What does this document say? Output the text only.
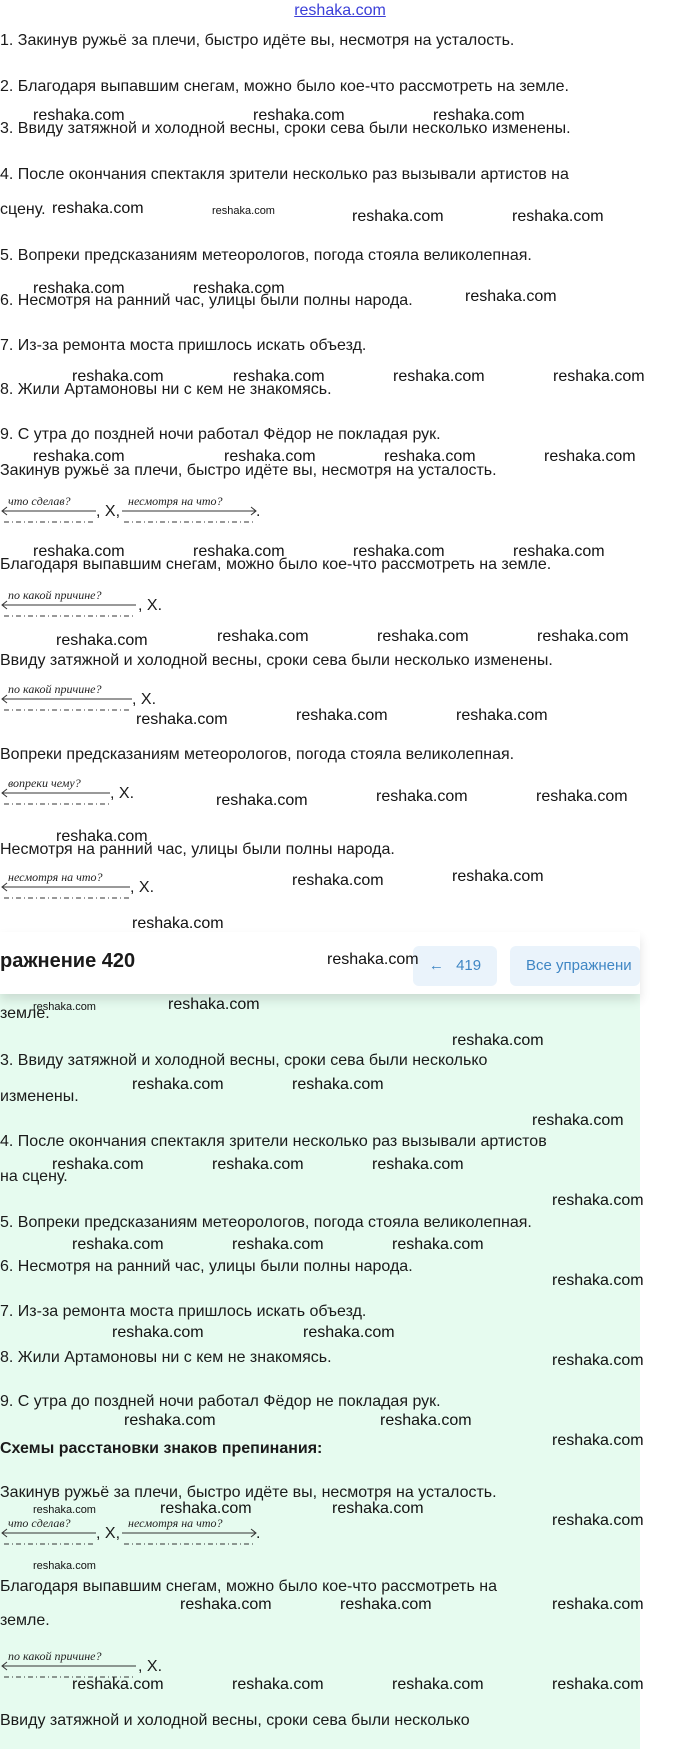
reshaka.com
1. Закинув ружьё за плечи, быстро идёте вы, несмотря на усталость.
2. Благодаря выпавшим снегам, можно было кое-что рассмотреть на земле.
3. Ввиду затяжной и холодной весны, сроки сева были несколько изменены.
4. После окончания спектакля зрители несколько раз вызывали артистов на
сцену.
5. Вопреки предсказаниям метеорологов, погода стояла великолепная.
6. Несмотря на ранний час, улицы были полны народа.
7. Из-за ремонта моста пришлось искать объезд.
8. Жили Артамоновы ни с кем не знакомясь.
9. С утра до поздней ночи работал Фёдор не покладая рук.
Закинув ружьё за плечи, быстро идёте вы, несмотря на усталость.
что сделав?
, Х,
несмотря на что?
.
Благодаря выпавшим снегам, можно было кое-что рассмотреть на земле.
по какой причине?
, Х.
Ввиду затяжной и холодной весны, сроки сева были несколько изменены.
по какой причине?
, Х.
Вопреки предсказаниям метеорологов, погода стояла великолепная.
вопреки чему?
, Х.
Несмотря на ранний час, улицы были полны народа.
несмотря на что?
, Х.
ражнение 420	← 419	Все упражнени
земле.
3. Ввиду затяжной и холодной весны, сроки сева были несколько
изменены.
4. После окончания спектакля зрители несколько раз вызывали артистов
на сцену.
5. Вопреки предсказаниям метеорологов, погода стояла великолепная.
6. Несмотря на ранний час, улицы были полны народа.
7. Из-за ремонта моста пришлось искать объезд.
8. Жили Артамоновы ни с кем не знакомясь.
9. С утра до поздней ночи работал Фёдор не покладая рук.
Схемы расстановки знаков препинания:
Закинув ружьё за плечи, быстро идёте вы, несмотря на усталость.
что сделав?
, Х,
несмотря на что?
.
Благодаря выпавшим снегам, можно было кое-что рассмотреть на
земле.
по какой причине?
, Х.
Ввиду затяжной и холодной весны, сроки сева были несколько
reshaka.com	reshaka.com	reshaka.com
reshaka.com	reshaka.com	reshaka.com	reshaka.com
reshaka.com	reshaka.com	reshaka.com
reshaka.com	reshaka.com	reshaka.com	reshaka.com
reshaka.com	reshaka.com	reshaka.com	reshaka.com
reshaka.com	reshaka.com	reshaka.com	reshaka.com
reshaka.com	reshaka.com	reshaka.com	reshaka.com
reshaka.com	reshaka.com	reshaka.com
reshaka.com	reshaka.com	reshaka.com
reshaka.com
reshaka.com	reshaka.com
reshaka.com
reshaka.com
reshaka.com	reshaka.com
reshaka.com
reshaka.com	reshaka.com
reshaka.com
reshaka.com	reshaka.com	reshaka.com
reshaka.com
reshaka.com	reshaka.com	reshaka.com
reshaka.com
reshaka.com	reshaka.com
reshaka.com
reshaka.com	reshaka.com
reshaka.com
reshaka.com	reshaka.com	reshaka.com
reshaka.com
reshaka.com
reshaka.com	reshaka.com	reshaka.com
reshaka.com	reshaka.com	reshaka.com	reshaka.com
